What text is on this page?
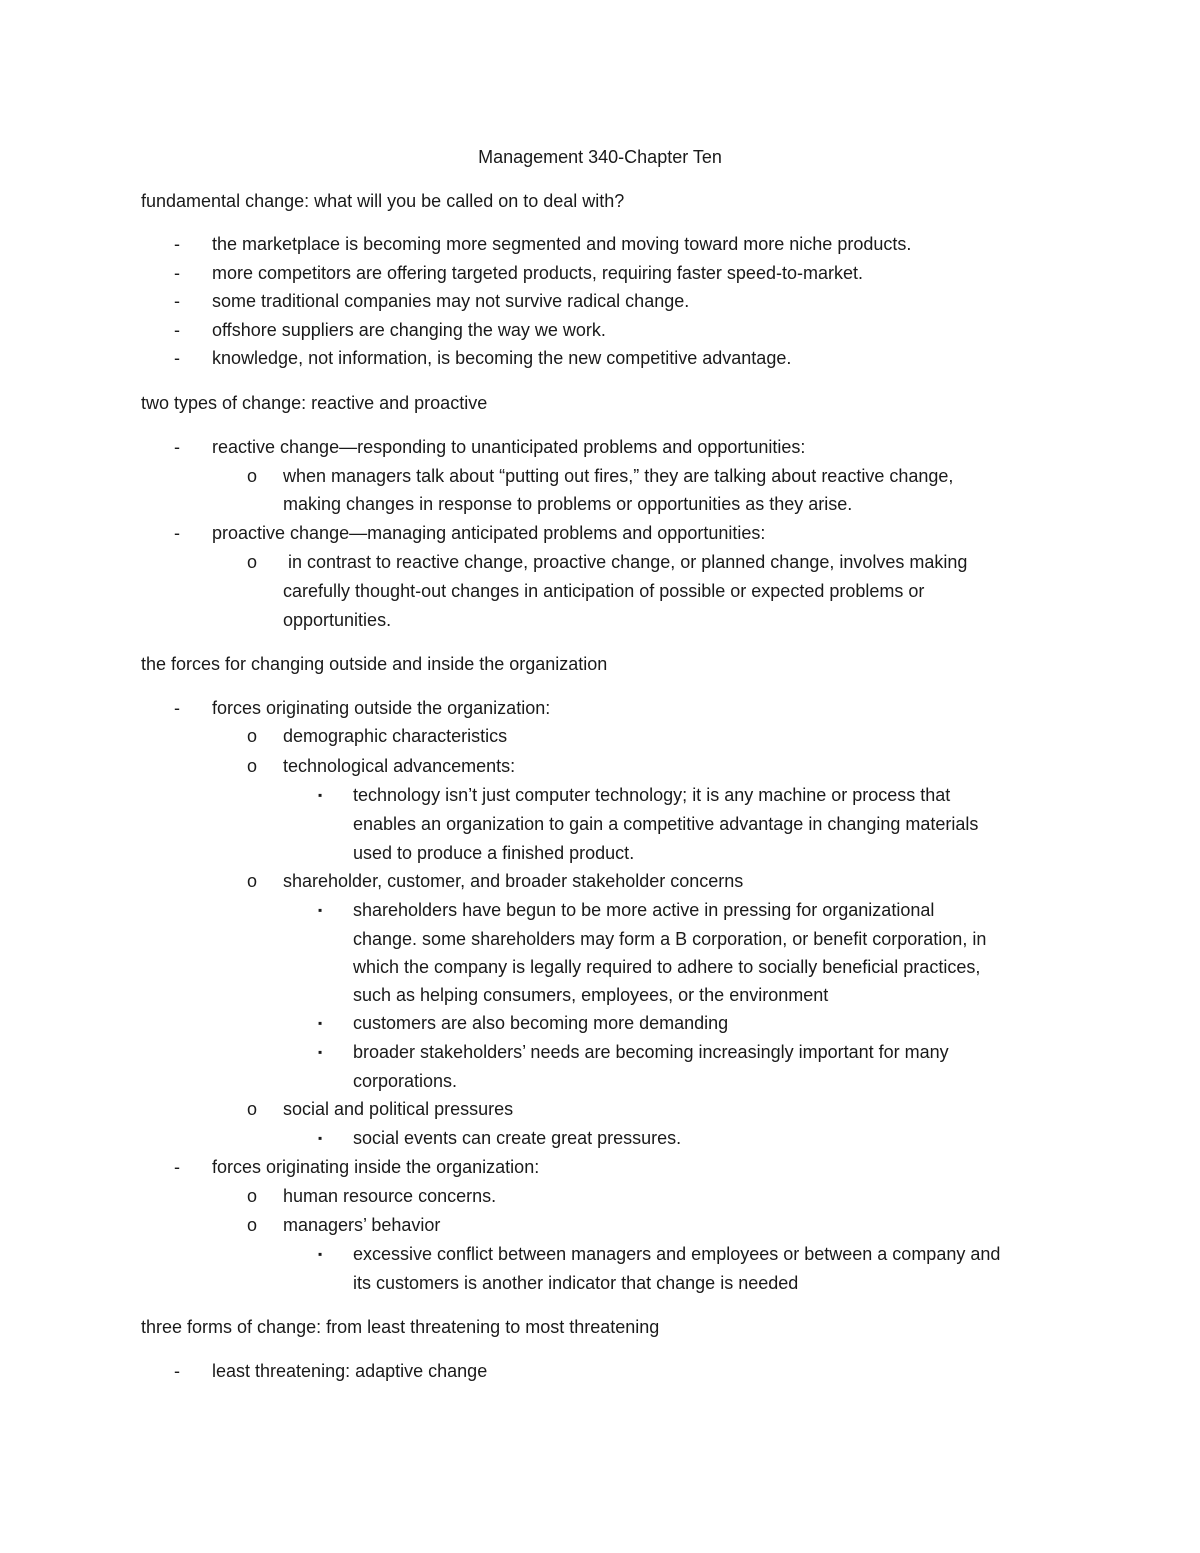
Management 340-Chapter Ten
fundamental change: what will you be called on to deal with?
- the marketplace is becoming more segmented and moving toward more niche products.
- more competitors are offering targeted products, requiring faster speed-to-market.
- some traditional companies may not survive radical change.
- offshore suppliers are changing the way we work.
- knowledge, not information, is becoming the new competitive advantage.
two types of change: reactive and proactive
- reactive change—responding to unanticipated problems and opportunities:
o when managers talk about “putting out fires,” they are talking about reactive change,
making changes in response to problems or opportunities as they arise.
- proactive change—managing anticipated problems and opportunities:
o in contrast to reactive change, proactive change, or planned change, involves making
carefully thought-out changes in anticipation of possible or expected problems or
opportunities.
the forces for changing outside and inside the organization
- forces originating outside the organization:
o demographic characteristics
o technological advancements:
▪ technology isn’t just computer technology; it is any machine or process that
enables an organization to gain a competitive advantage in changing materials
used to produce a finished product.
o shareholder, customer, and broader stakeholder concerns
▪ shareholders have begun to be more active in pressing for organizational
change. some shareholders may form a B corporation, or benefit corporation, in
which the company is legally required to adhere to socially beneficial practices,
such as helping consumers, employees, or the environment
▪ customers are also becoming more demanding
▪ broader stakeholders’ needs are becoming increasingly important for many
corporations.
o social and political pressures
▪ social events can create great pressures.
- forces originating inside the organization:
o human resource concerns.
o managers’ behavior
▪ excessive conflict between managers and employees or between a company and
its customers is another indicator that change is needed
three forms of change: from least threatening to most threatening
- least threatening: adaptive change
